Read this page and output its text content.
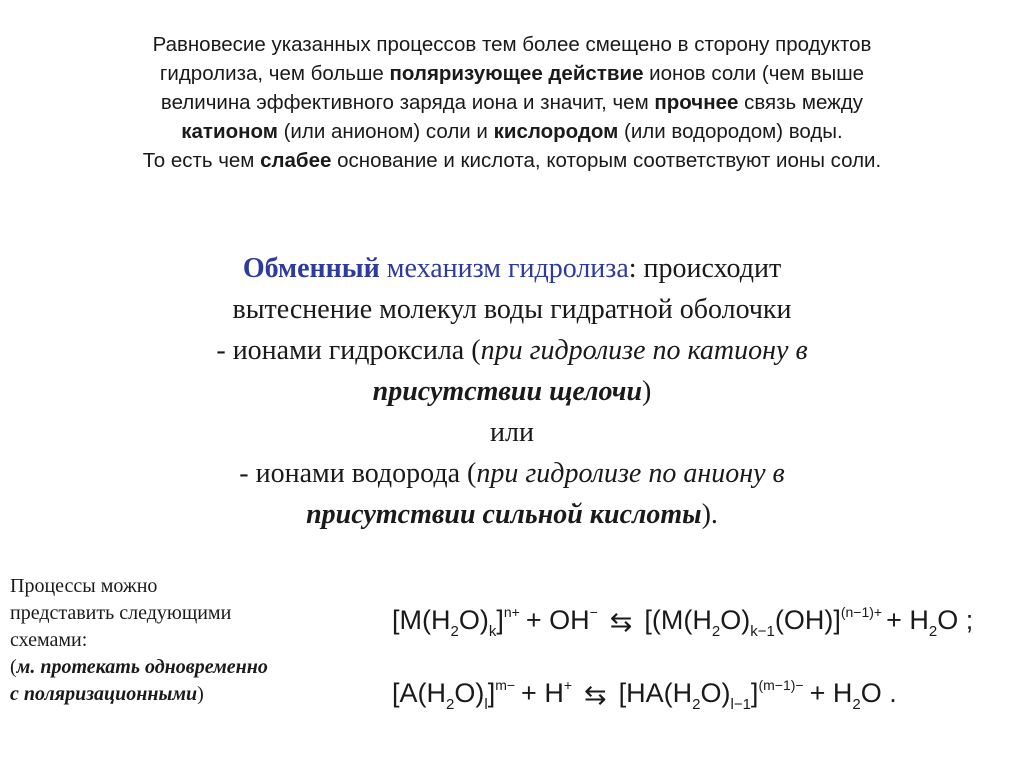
Равновесие указанных процессов тем более смещено в сторону продуктов
гидролиза, чем больше поляризующее действие ионов соли (чем выше
величина эффективного заряда иона и значит, чем прочнее связь между
катионом (или анионом) соли и кислородом (или водородом) воды.
То есть чем слабее основание и кислота, которым соответствуют ионы соли.
Обменный механизм гидролиза: происходит
вытеснение молекул воды гидратной оболочки
- ионами гидроксила (при гидролизе по катиону в
присутствии щелочи)
или
- ионами водорода (при гидролизе по аниону в
присутствии сильной кислоты).
Процессы можно
представить следующими
схемами:
(м. протекать одновременно
с поляризационными)
$[M(H_2O)_k]^{n+} + OH^-$ ⇆ [$(M(H_2O)_{k-1}(OH)]^{(n-1)+} + H_2O$ ;
$[A(H_2O)_l]^{m-} + H^+$ ⇆ $[HA(H_2O)_{l-1}]^{(m-1)-} + H_2O$ .
